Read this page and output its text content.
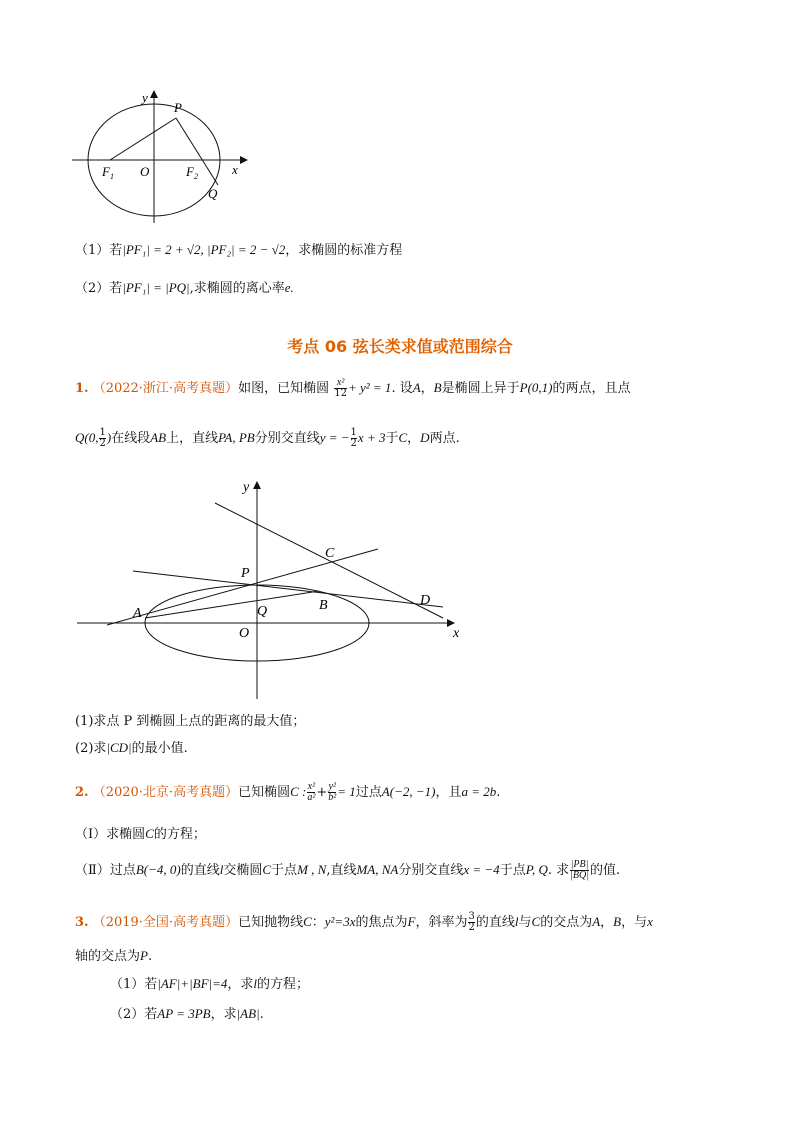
y
P
O	x
$F_1$	$F_2$
Q
（1）若|PF₁| = 2 + √2, |PF₂| = 2 − √2，求椭圆的标准方程
（2）若|PF₁| = |PQ|,求椭圆的离心率e.
考点 06 弦长类求值或范围综合
1. （2022·浙江·高考真题）如图，已知椭圆 $\frac{\text{x²}}{12} + y^2 = 1$. 设A，B是椭圆上异于P(0,1)的两点，且点
Q(0, $\frac{1}{2}$ )在线段AB上，直线PA, PB分别交直线y = − $\frac{1}{2}$ x + 3于C，D两点.
y
C
P
D
A	Q	B
O	x
(1)求点 P 到椭圆上点的距离的最大值；
(2)求|CD|的最小值.
2. （2020·北京·高考真题）已知椭圆C : $\frac{\text{x²}}{\text{a²}} + \frac{\text{y²}}{\text{b²}} = 1$过点A(−2, −1)，且a = 2b.
（Ⅰ）求椭圆C的方程；
（Ⅱ）过点B(−4, 0)的直线l交椭圆C于点M , N,直线MA, NA分别交直线x = −4于点P, Q. 求 $\frac{|PB|}{|BQ|}$ 的值.
3. （2019·全国·高考真题）已知抛物线C：y²=3x的焦点为F，斜率为 $\frac{3}{2}$ 的直线l与C的交点为A，B，与x
轴的交点为P.
（1）若|AF|+|BF|=4，求l的方程；
（2）若AP = 3PB，求|AB|.
